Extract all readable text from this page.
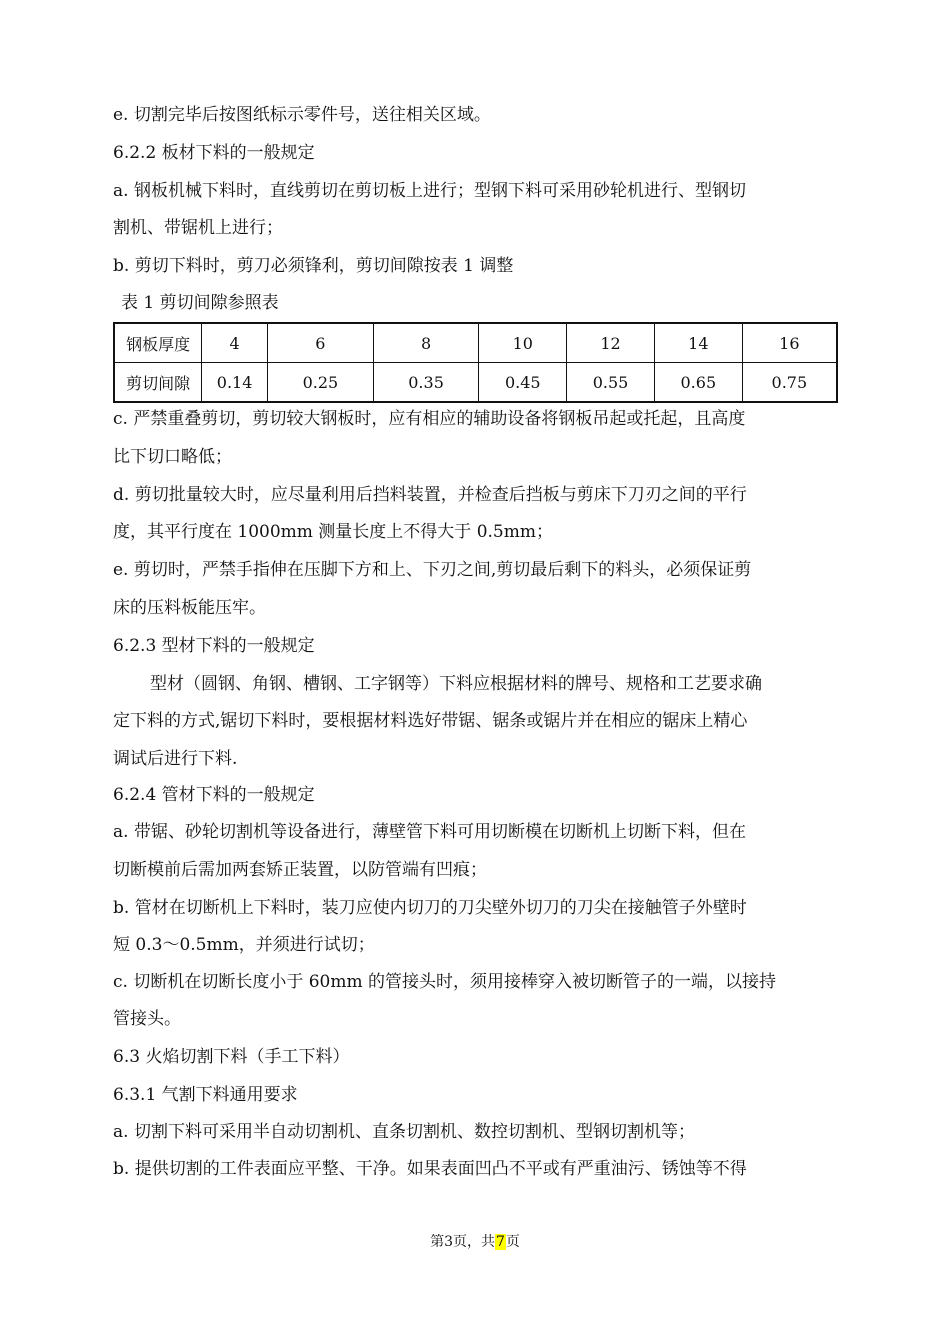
e. 切割完毕后按图纸标示零件号，送往相关区域。
6.2.2 板材下料的一般规定
a. 钢板机械下料时，直线剪切在剪切板上进行；型钢下料可采用砂轮机进行、型钢切
割机、带锯机上进行；
b. 剪切下料时，剪刀必须锋利，剪切间隙按表 1 调整
表 1 剪切间隙参照表
钢板厚度	4	6	8	10	12	14	16
剪切间隙	0.14	0.25	0.35	0.45	0.55	0.65	0.75
c. 严禁重叠剪切，剪切较大钢板时，应有相应的辅助设备将钢板吊起或托起，且高度
比下切口略低；
d. 剪切批量较大时，应尽量利用后挡料装置，并检查后挡板与剪床下刀刃之间的平行
度，其平行度在 1000mm 测量长度上不得大于 0.5mm；
e. 剪切时，严禁手指伸在压脚下方和上、下刃之间,剪切最后剩下的料头，必须保证剪
床的压料板能压牢。
6.2.3 型材下料的一般规定
型材（圆钢、角钢、槽钢、工字钢等）下料应根据材料的牌号、规格和工艺要求确
定下料的方式,锯切下料时，要根据材料选好带锯、锯条或锯片并在相应的锯床上精心
调试后进行下料.
6.2.4 管材下料的一般规定
a. 带锯、砂轮切割机等设备进行，薄壁管下料可用切断模在切断机上切断下料，但在
切断模前后需加两套矫正装置，以防管端有凹痕；
b. 管材在切断机上下料时，装刀应使内切刀的刀尖壁外切刀的刀尖在接触管子外壁时
短 0.3～0.5mm，并须进行试切；
c. 切断机在切断长度小于 60mm 的管接头时，须用接棒穿入被切断管子的一端，以接持
管接头。
6.3 火焰切割下料（手工下料）
6.3.1 气割下料通用要求
a. 切割下料可采用半自动切割机、直条切割机、数控切割机、型钢切割机等；
b. 提供切割的工件表面应平整、干净。如果表面凹凸不平或有严重油污、锈蚀等不得
第3页，共7页
